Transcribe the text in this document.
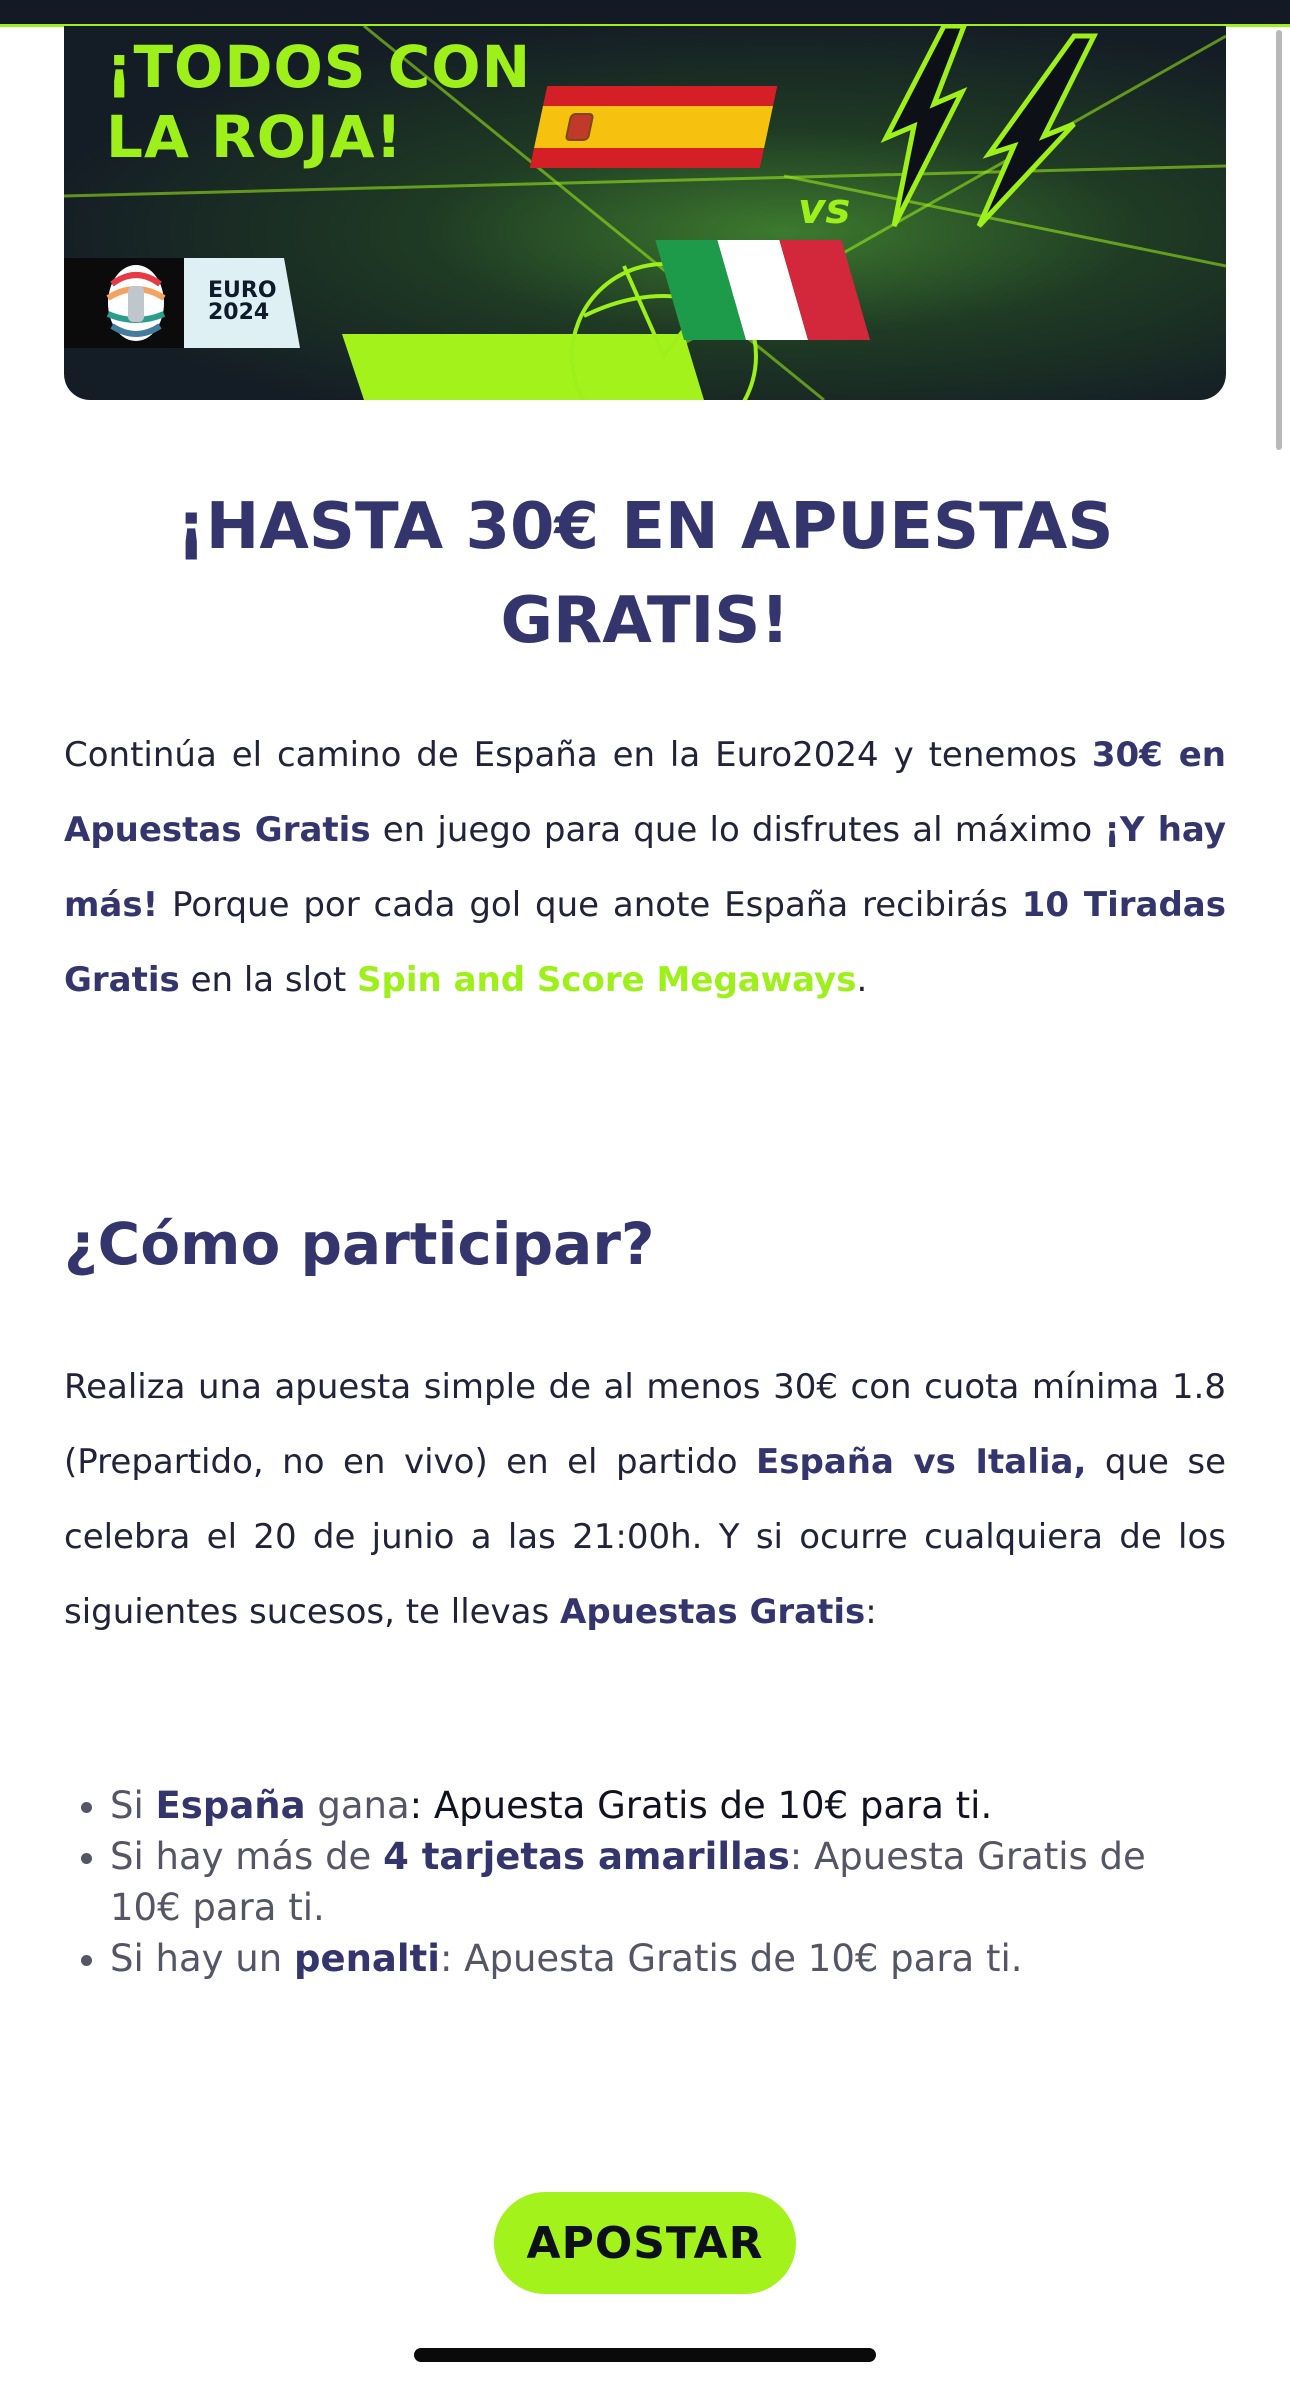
¡TODOS CON
LA ROJA!

EURO
2024

vs

¡HASTA 30€ EN APUESTAS GRATIS!

Continúa el camino de España en la Euro2024 y tenemos 30€ en Apuestas Gratis en juego para que lo disfrutes al máximo ¡Y hay más! Porque por cada gol que anote España recibirás 10 Tiradas Gratis en la slot Spin and Score Megaways.

¿Cómo participar?

Realiza una apuesta simple de al menos 30€ con cuota mínima 1.8 (Prepartido, no en vivo) en el partido España vs Italia, que se celebra el 20 de junio a las 21:00h. Y si ocurre cualquiera de los siguientes sucesos, te llevas Apuestas Gratis:

• Si España gana: Apuesta Gratis de 10€ para ti.
• Si hay más de 4 tarjetas amarillas: Apuesta Gratis de 10€ para ti.
• Si hay un penalti: Apuesta Gratis de 10€ para ti.
APOSTAR
